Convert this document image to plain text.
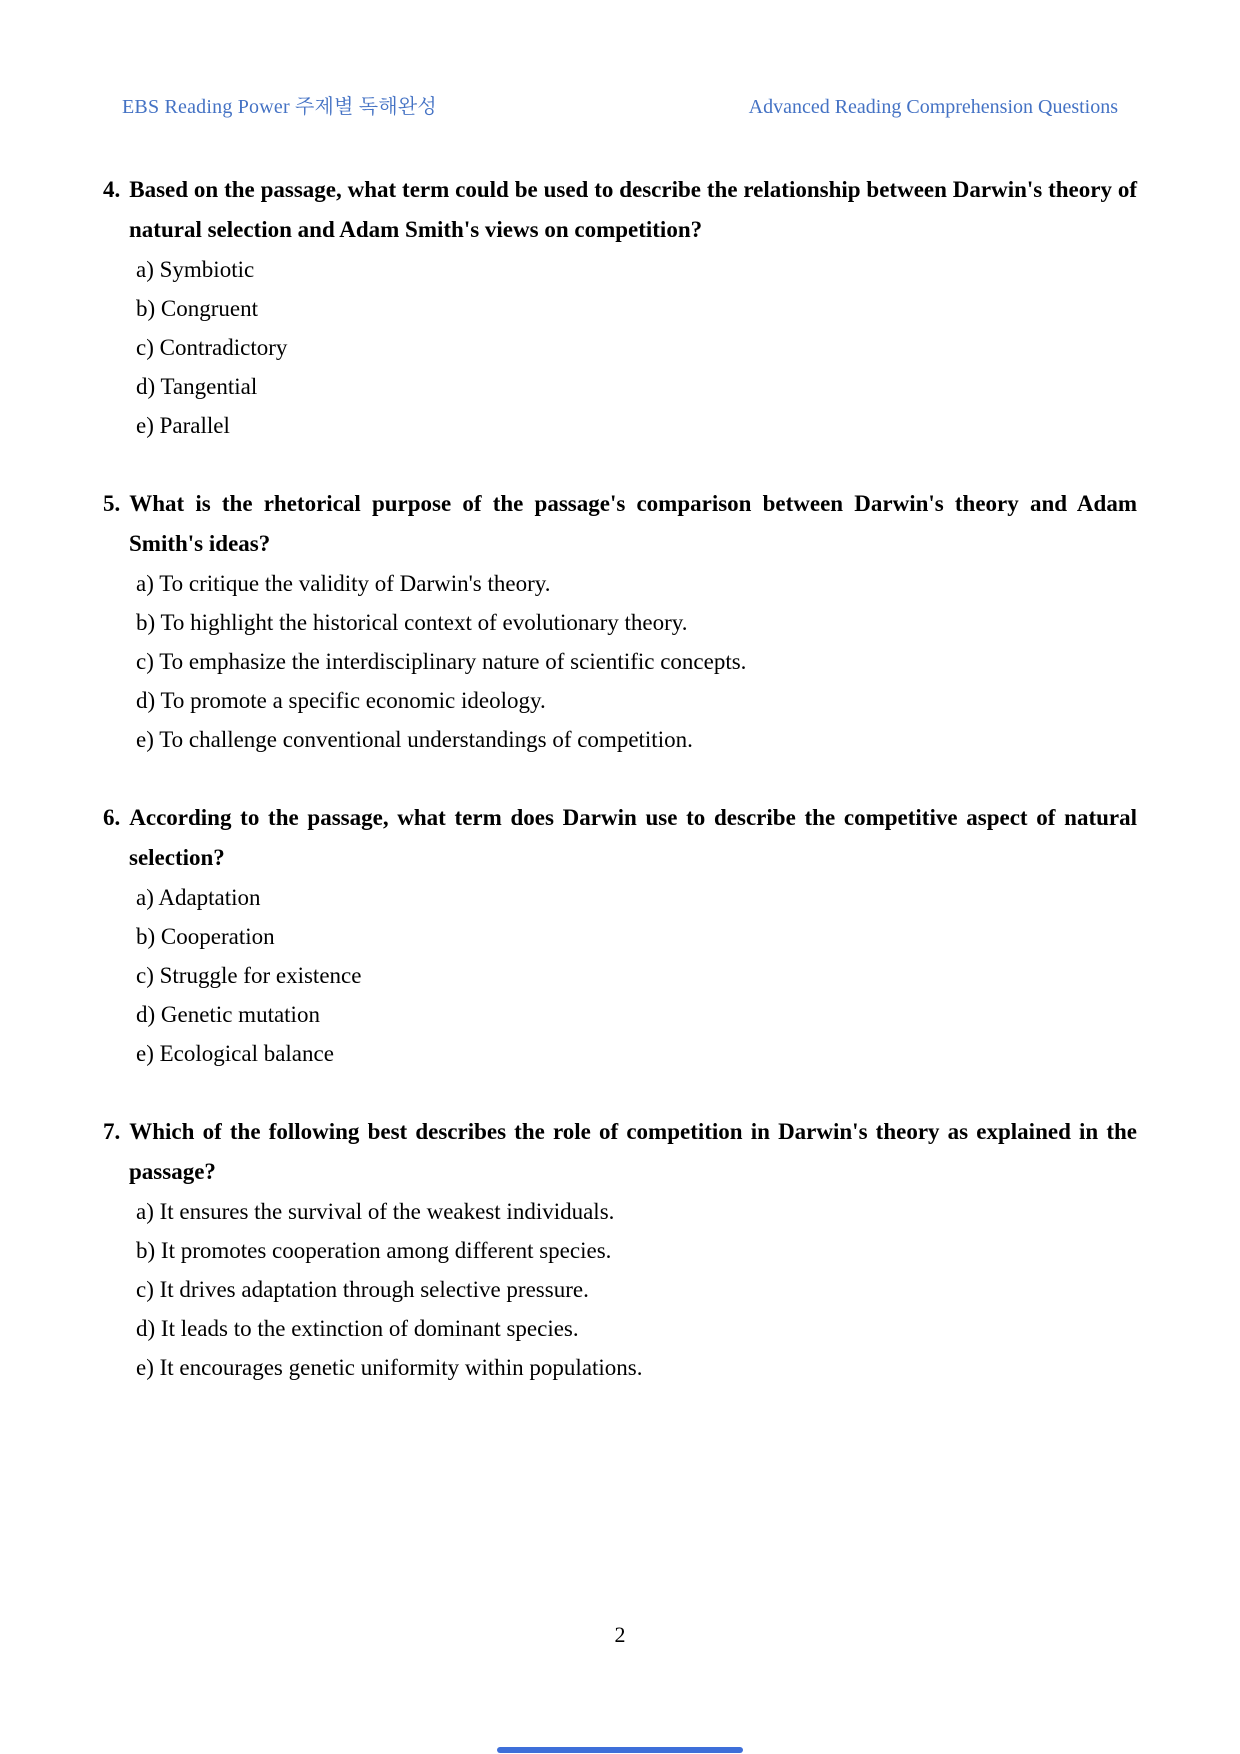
EBS Reading Power 주제별 독해완성	Advanced Reading Comprehension Questions

4. Based on the passage, what term could be used to describe the relationship between Darwin's theory of natural selection and Adam Smith's views on competition?

a) Symbiotic

b) Congruent

c) Contradictory

d) Tangential

e) Parallel

5. What is the rhetorical purpose of the passage's comparison between Darwin's theory and Adam Smith's ideas?

a) To critique the validity of Darwin's theory.

b) To highlight the historical context of evolutionary theory.

c) To emphasize the interdisciplinary nature of scientific concepts.

d) To promote a specific economic ideology.

e) To challenge conventional understandings of competition.

6. According to the passage, what term does Darwin use to describe the competitive aspect of natural selection?

a) Adaptation

b) Cooperation

c) Struggle for existence

d) Genetic mutation

e) Ecological balance

7. Which of the following best describes the role of competition in Darwin's theory as explained in the passage?

a) It ensures the survival of the weakest individuals.

b) It promotes cooperation among different species.

c) It drives adaptation through selective pressure.

d) It leads to the extinction of dominant species.

e) It encourages genetic uniformity within populations.

2
